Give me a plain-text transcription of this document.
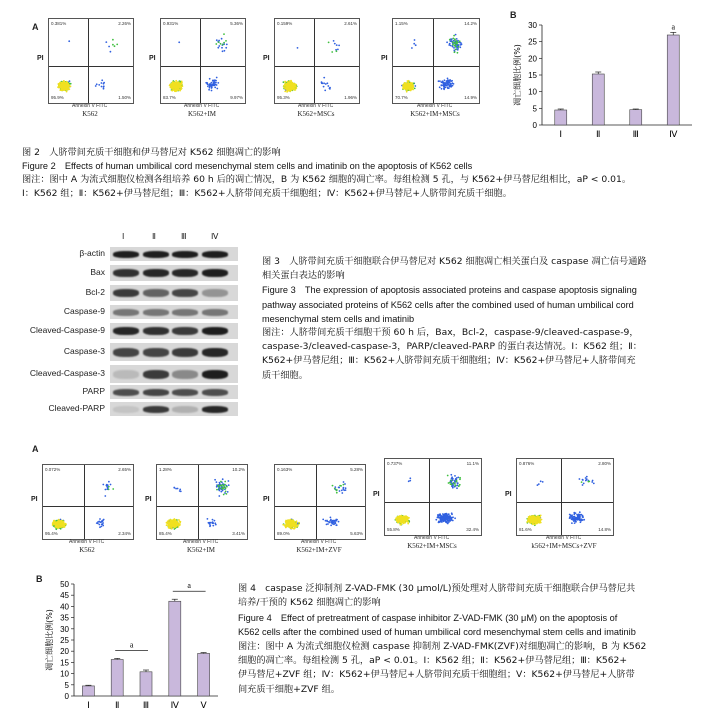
A
PI
0.381%	2.26%
95.9%	1.50%
Annexin V FITC
K562
PI
0.931%	5.36%
83.7%	9.97%
Annexin V FITC
K562+IM
PI
0.159%	2.61%
95.3%	1.96%
Annexin V FITC
K562+MSCs
PI
1.15%	14.2%
70.7%	14.9%
Annexin V FITC
K562+IM+MSCs
B
0
5
10
15
20
25
30
凋亡细胞比例(%)
Ⅰ	Ⅱ	Ⅲ	Ⅳ
a
图 2　人脐带间充质干细胞和伊马替尼对 K562 细胞凋亡的影响
Figure 2　Effects of human umbilical cord mesenchymal stem cells and imatinib on the apoptosis of K562 cells
图注：图中 A 为流式细胞仪检测各组培养 60 h 后的凋亡情况，B 为 K562 细胞的凋亡率。每组检测 5 孔，与 K562+伊马替尼组相比，aP < 0.01。
Ⅰ：K562 组；Ⅱ：K562+伊马替尼组；Ⅲ：K562+人脐带间充质干细胞组；Ⅳ：K562+伊马替尼+人脐带间充质干细胞。
Ⅰ	Ⅱ	Ⅲ	Ⅳ
β-actin
Bax
Bcl-2
Caspase-9
Cleaved-Caspase-9
Caspase-3
Cleaved-Caspase-3
PARP
Cleaved-PARP
图 3　人脐带间充质干细胞联合伊马替尼对 K562 细胞凋亡相关蛋白及 caspase 凋亡信号通路
相关蛋白表达的影响
Figure 3　The expression of apoptosis associated proteins and caspase apoptosis signaling
pathway associated proteins of K562 cells after the combined used of human umbilical cord
mesenchymal stem cells and imatinib
图注：人脐带间充质干细胞干预 60 h 后，Bax，Bcl-2，caspase-9/cleaved-caspase-9，
caspase-3/cleaved-caspase-3，PARP/cleaved-PARP 的蛋白表达情况。Ⅰ：K562 组；Ⅱ：
K562+伊马替尼组；Ⅲ：K562+人脐带间充质干细胞组；Ⅳ：K562+伊马替尼+人脐带间充
质干细胞。
A
PI
0.072%	2.65%
95.4%	2.34%
Annexin V FITC
K562
PI
1.28%	10.2%
85.4%	3.41%
Annexin V FITC
K562+IM
PI
0.163%	5.28%
89.0%	5.63%
Annexin V FITC
K562+IM+ZVF
PI
0.737%	11.1%
55.8%	32.4%
Annexin V FITC
K562+IM+MSCs
PI
0.876%	2.80%
81.6%	14.8%
Annexin V FITC
k562+IM+MSCs+ZVF
B
0
5
10
15
20
25
30
35
40
45
50
凋亡细胞比例(%)
Ⅰ	Ⅱ	Ⅲ Ⅳ Ⅴ
a
a	图 4　caspase 泛抑制剂 Z-VAD-FMK (30 μmol/L)预处理对人脐带间充质干细胞联合伊马替尼共
培养/干预的 K562 细胞凋亡的影响
Figure 4　Effect of pretreatment of caspase inhibitor Z-VAD-FMK (30 μM) on the apoptosis of
K562 cells after the combined used of human umbilical cord mesenchymal stem cells and imatinib
图注：图中 A 为流式细胞仪检测 caspase 抑制剂 Z-VAD-FMK(ZVF)对细胞凋亡的影响，B 为 K562
细胞的凋亡率。每组检测 5 孔，aP < 0.01。Ⅰ：K562 组；Ⅱ：K562+伊马替尼组；Ⅲ：K562+
伊马替尼+ZVF 组；Ⅳ：K562+伊马替尼+人脐带间充质干细胞组；Ⅴ：K562+伊马替尼+人脐带
间充质干细胞+ZVF 组。
